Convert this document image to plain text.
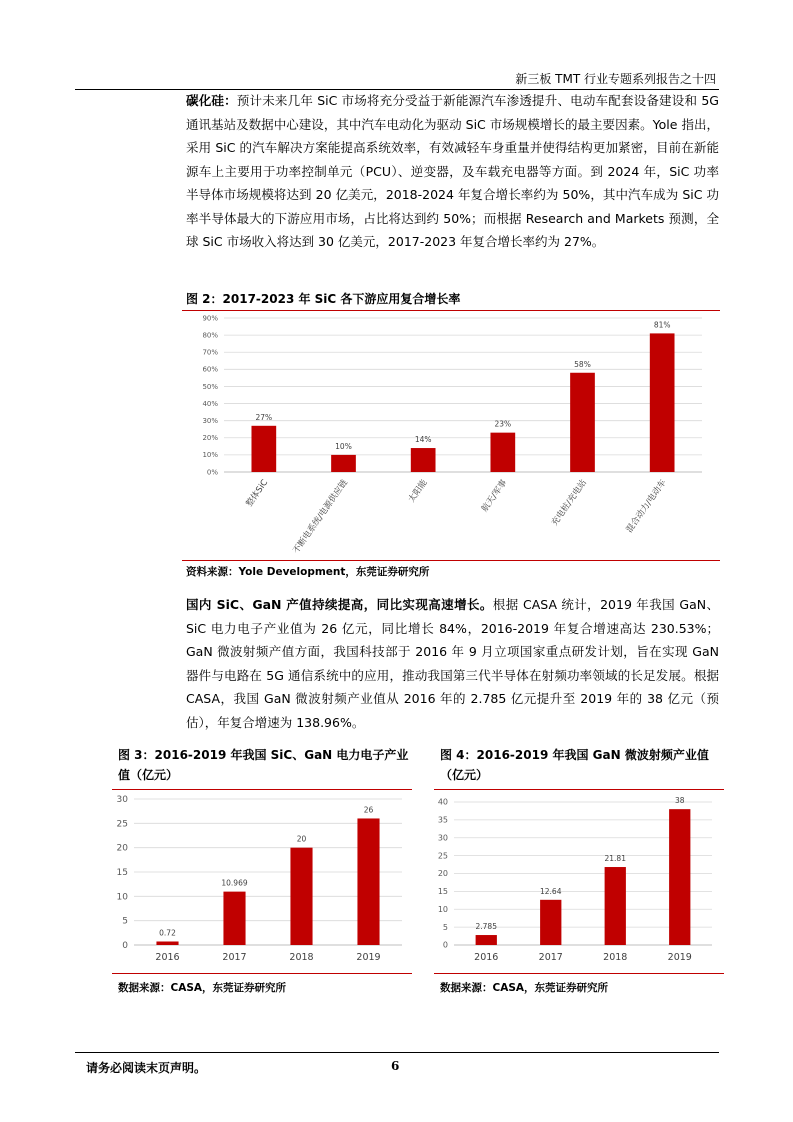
新三板 TMT 行业专题系列报告之十四
碳化硅：预计未来几年 SiC 市场将充分受益于新能源汽车渗透提升、电动车配套设备建设和 5G 通讯基站及数据中心建设，其中汽车电动化为驱动 SiC 市场规模增长的最主要因素。Yole 指出，采用 SiC 的汽车解决方案能提高系统效率，有效减轻车身重量并使得结构更加紧密，目前在新能源车上主要用于功率控制单元（PCU）、逆变器，及车载充电器等方面。到 2024 年，SiC 功率半导体市场规模将达到 20 亿美元，2018-2024 年复合增长率约为 50%，其中汽车成为 SiC 功率半导体最大的下游应用市场，占比将达到约 50%；而根据 Research and Markets 预测，全球 SiC 市场收入将达到 30 亿美元，2017-2023 年复合增长率约为 27%。
图 2：2017-2023 年 SiC 各下游应用复合增长率
0%
10%
20%
30%
40%
50%
60%
70%
80%
90%
27%
整体SiC
10%
不断电系统/电源供应链
14%
太阳能
23%
航天/军事
58%
充电桩/充电站
81%
混合动力/电动车
资料来源：Yole Development，东莞证券研究所
国内 SiC、GaN 产值持续提高，同比实现高速增长。根据 CASA 统计，2019 年我国 GaN、SiC 电力电子产业值为 26 亿元，同比增长 84%，2016-2019 年复合增速高达 230.53%；GaN 微波射频产值方面，我国科技部于 2016 年 9 月立项国家重点研发计划，旨在实现 GaN 器件与电路在 5G 通信系统中的应用，推动我国第三代半导体在射频功率领域的长足发展。根据 CASA，我国 GaN 微波射频产业值从 2016 年的 2.785 亿元提升至 2019 年的 38 亿元（预估），年复合增速为 138.96%。
图 3：2016-2019 年我国 SiC、GaN 电力电子产业值（亿元）
0
5
10
15
20
25
30
0.72
2016
10.969
2017
20
2018
26
2019
数据来源：CASA，东莞证券研究所
图 4：2016-2019 年我国 GaN 微波射频产业值（亿元）
0
5
10
15
20
25
30
35
40
2.785
2016
12.64
2017
21.81
2018
38
2019
数据来源：CASA，东莞证券研究所
请务必阅读末页声明。	6
